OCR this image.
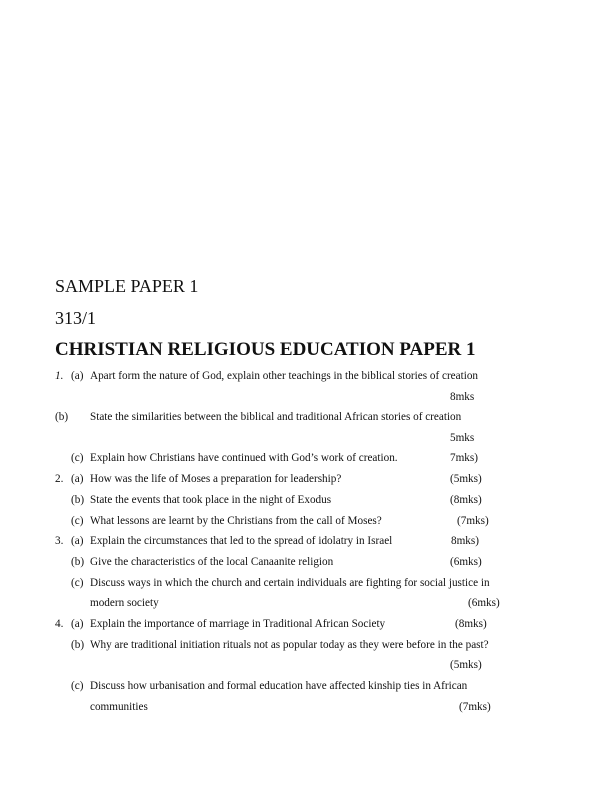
SAMPLE PAPER 1
313/1
CHRISTIAN RELIGIOUS EDUCATION PAPER 1
1. (a) Apart form the nature of God, explain other teachings in the biblical stories of creation
8mks
(b) State the similarities between the biblical and traditional African stories of creation
5mks
(c) Explain how Christians have continued with God’s work of creation.	7mks)
2. (a) How was the life of Moses a preparation for leadership?	(5mks)
(b) State the events that took place in the night of Exodus	(8mks)
(c) What lessons are learnt by the Christians from the call of Moses?	(7mks)
3. (a) Explain the circumstances that led to the spread of idolatry in Israel	8mks)
(b) Give the characteristics of the local Canaanite religion	(6mks)
(c) Discuss ways in which the church and certain individuals are fighting for social justice in
modern society	(6mks)
4. (a) Explain the importance of marriage in Traditional African Society	(8mks)
(b) Why are traditional initiation rituals not as popular today as they were before in the past?
(5mks)
(c) Discuss how urbanisation and formal education have affected kinship ties in African
communities	(7mks)
